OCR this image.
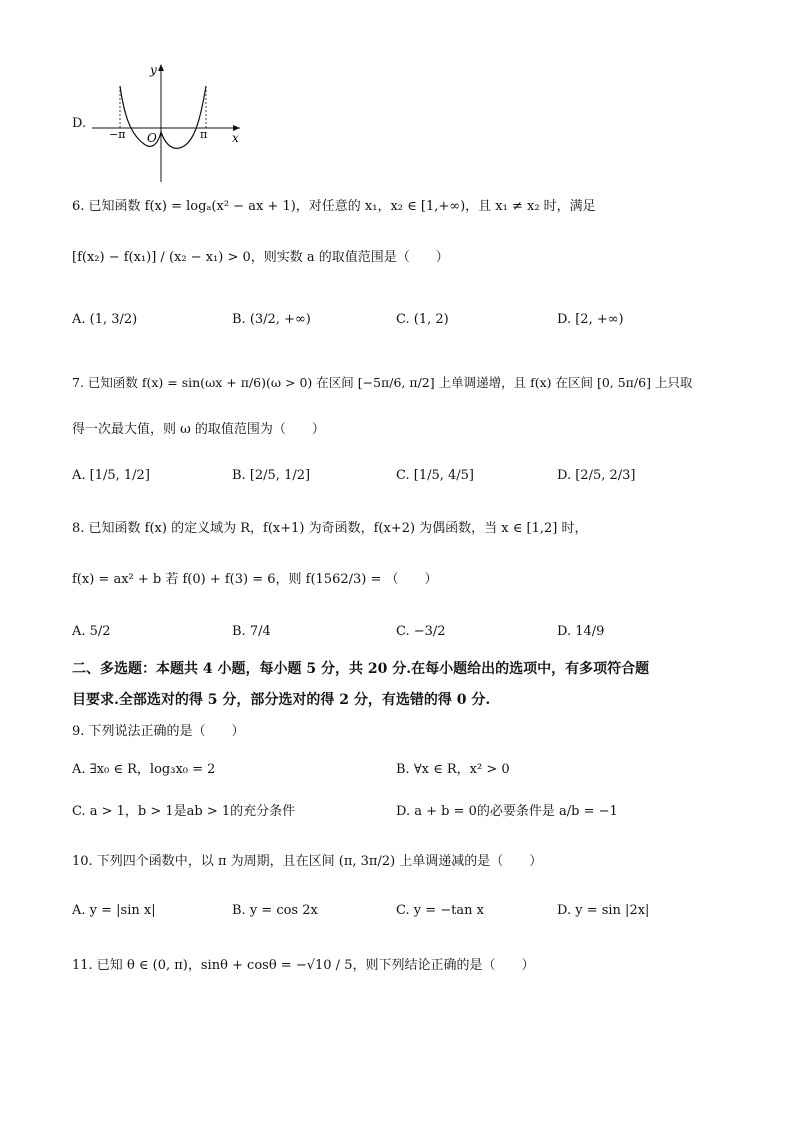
D.
y
x
O
−π	π
6. 已知函数 f(x) = logₐ(x² − ax + 1)，对任意的 x₁，x₂ ∈ [1,+∞)，且 x₁ ≠ x₂ 时，满足
[f(x₂) − f(x₁)] / (x₂ − x₁) > 0，则实数 a 的取值范围是（　　）
A. (1, 3/2)	B. (3/2, +∞)	C. (1, 2)	D. [2, +∞)
7. 已知函数 f(x) = sin(ωx + π/6)(ω > 0) 在区间 [−5π/6, π/2] 上单调递增，且 f(x) 在区间 [0, 5π/6] 上只取
得一次最大值，则 ω 的取值范围为（　　）
A. [1/5, 1/2]	B. [2/5, 1/2]	C. [1/5, 4/5]	D. [2/5, 2/3]
8. 已知函数 f(x) 的定义域为 R，f(x+1) 为奇函数，f(x+2) 为偶函数，当 x ∈ [1,2] 时，
f(x) = ax² + b 若 f(0) + f(3) = 6，则 f(1562/3) = （　　）
A. 5/2	B. 7/4	C. −3/2	D. 14/9
二、多选题：本题共 4 小题，每小题 5 分，共 20 分.在每小题给出的选项中，有多项符合题
目要求.全部选对的得 5 分，部分选对的得 2 分，有选错的得 0 分.
9. 下列说法正确的是（　　）
A. ∃x₀ ∈ R，log₃x₀ = 2	B. ∀x ∈ R，x² > 0
C. a > 1，b > 1是ab > 1的充分条件	D. a + b = 0的必要条件是 a/b = −1
10. 下列四个函数中，以 π 为周期，且在区间 (π, 3π/2) 上单调递减的是（　　）
A. y = |sin x|	B. y = cos 2x	C. y = −tan x	D. y = sin |2x|
11. 已知 θ ∈ (0, π)，sinθ + cosθ = −√10 / 5，则下列结论正确的是（　　）
